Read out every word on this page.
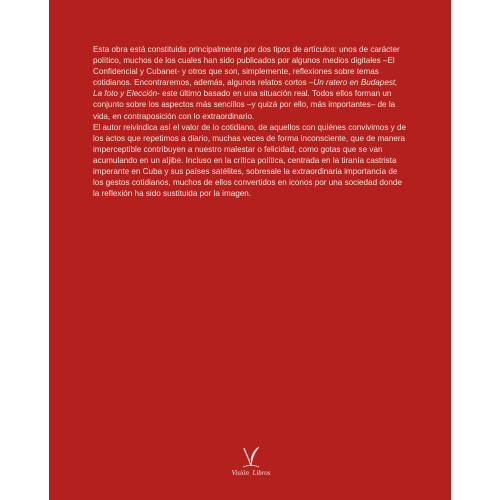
Esta obra está constituida principalmente por dos tipos de artículos: unos de carácter político, muchos de los cuales han sido publicados por algunos medios digitales –El Confidencial y Cubanet- y otros que son, simplemente, reflexiones sobre temas cotidianos. Encontraremos, además, algunos relatos cortos –Un ratero en Budapest, La foto y Elección- este último basado en una situación real. Todos ellos forman un conjunto sobre los aspectos más sencillos –y quizá por ello, más importantes– de la vida, en contraposición con lo extraordinario.

El autor reivindica así el valor de lo cotidiano, de aquellos con quiénes convivimos y de los actos que repetimos a diario, muchas veces de forma inconsciente, que de manera imperceptible contribuyen a nuestro malestar o felicidad, como gotas que se van acumulando en un aljibe. Incluso en la crítica política, centrada en la tiranía castrista imperante en Cuba y sus países satélites, sobresale la extraordinaria importancia de los gestos cotidianos, muchos de ellos convertidos en iconos por una sociedad donde la reflexión ha sido sustituida por la imagen.

Visión Libros
